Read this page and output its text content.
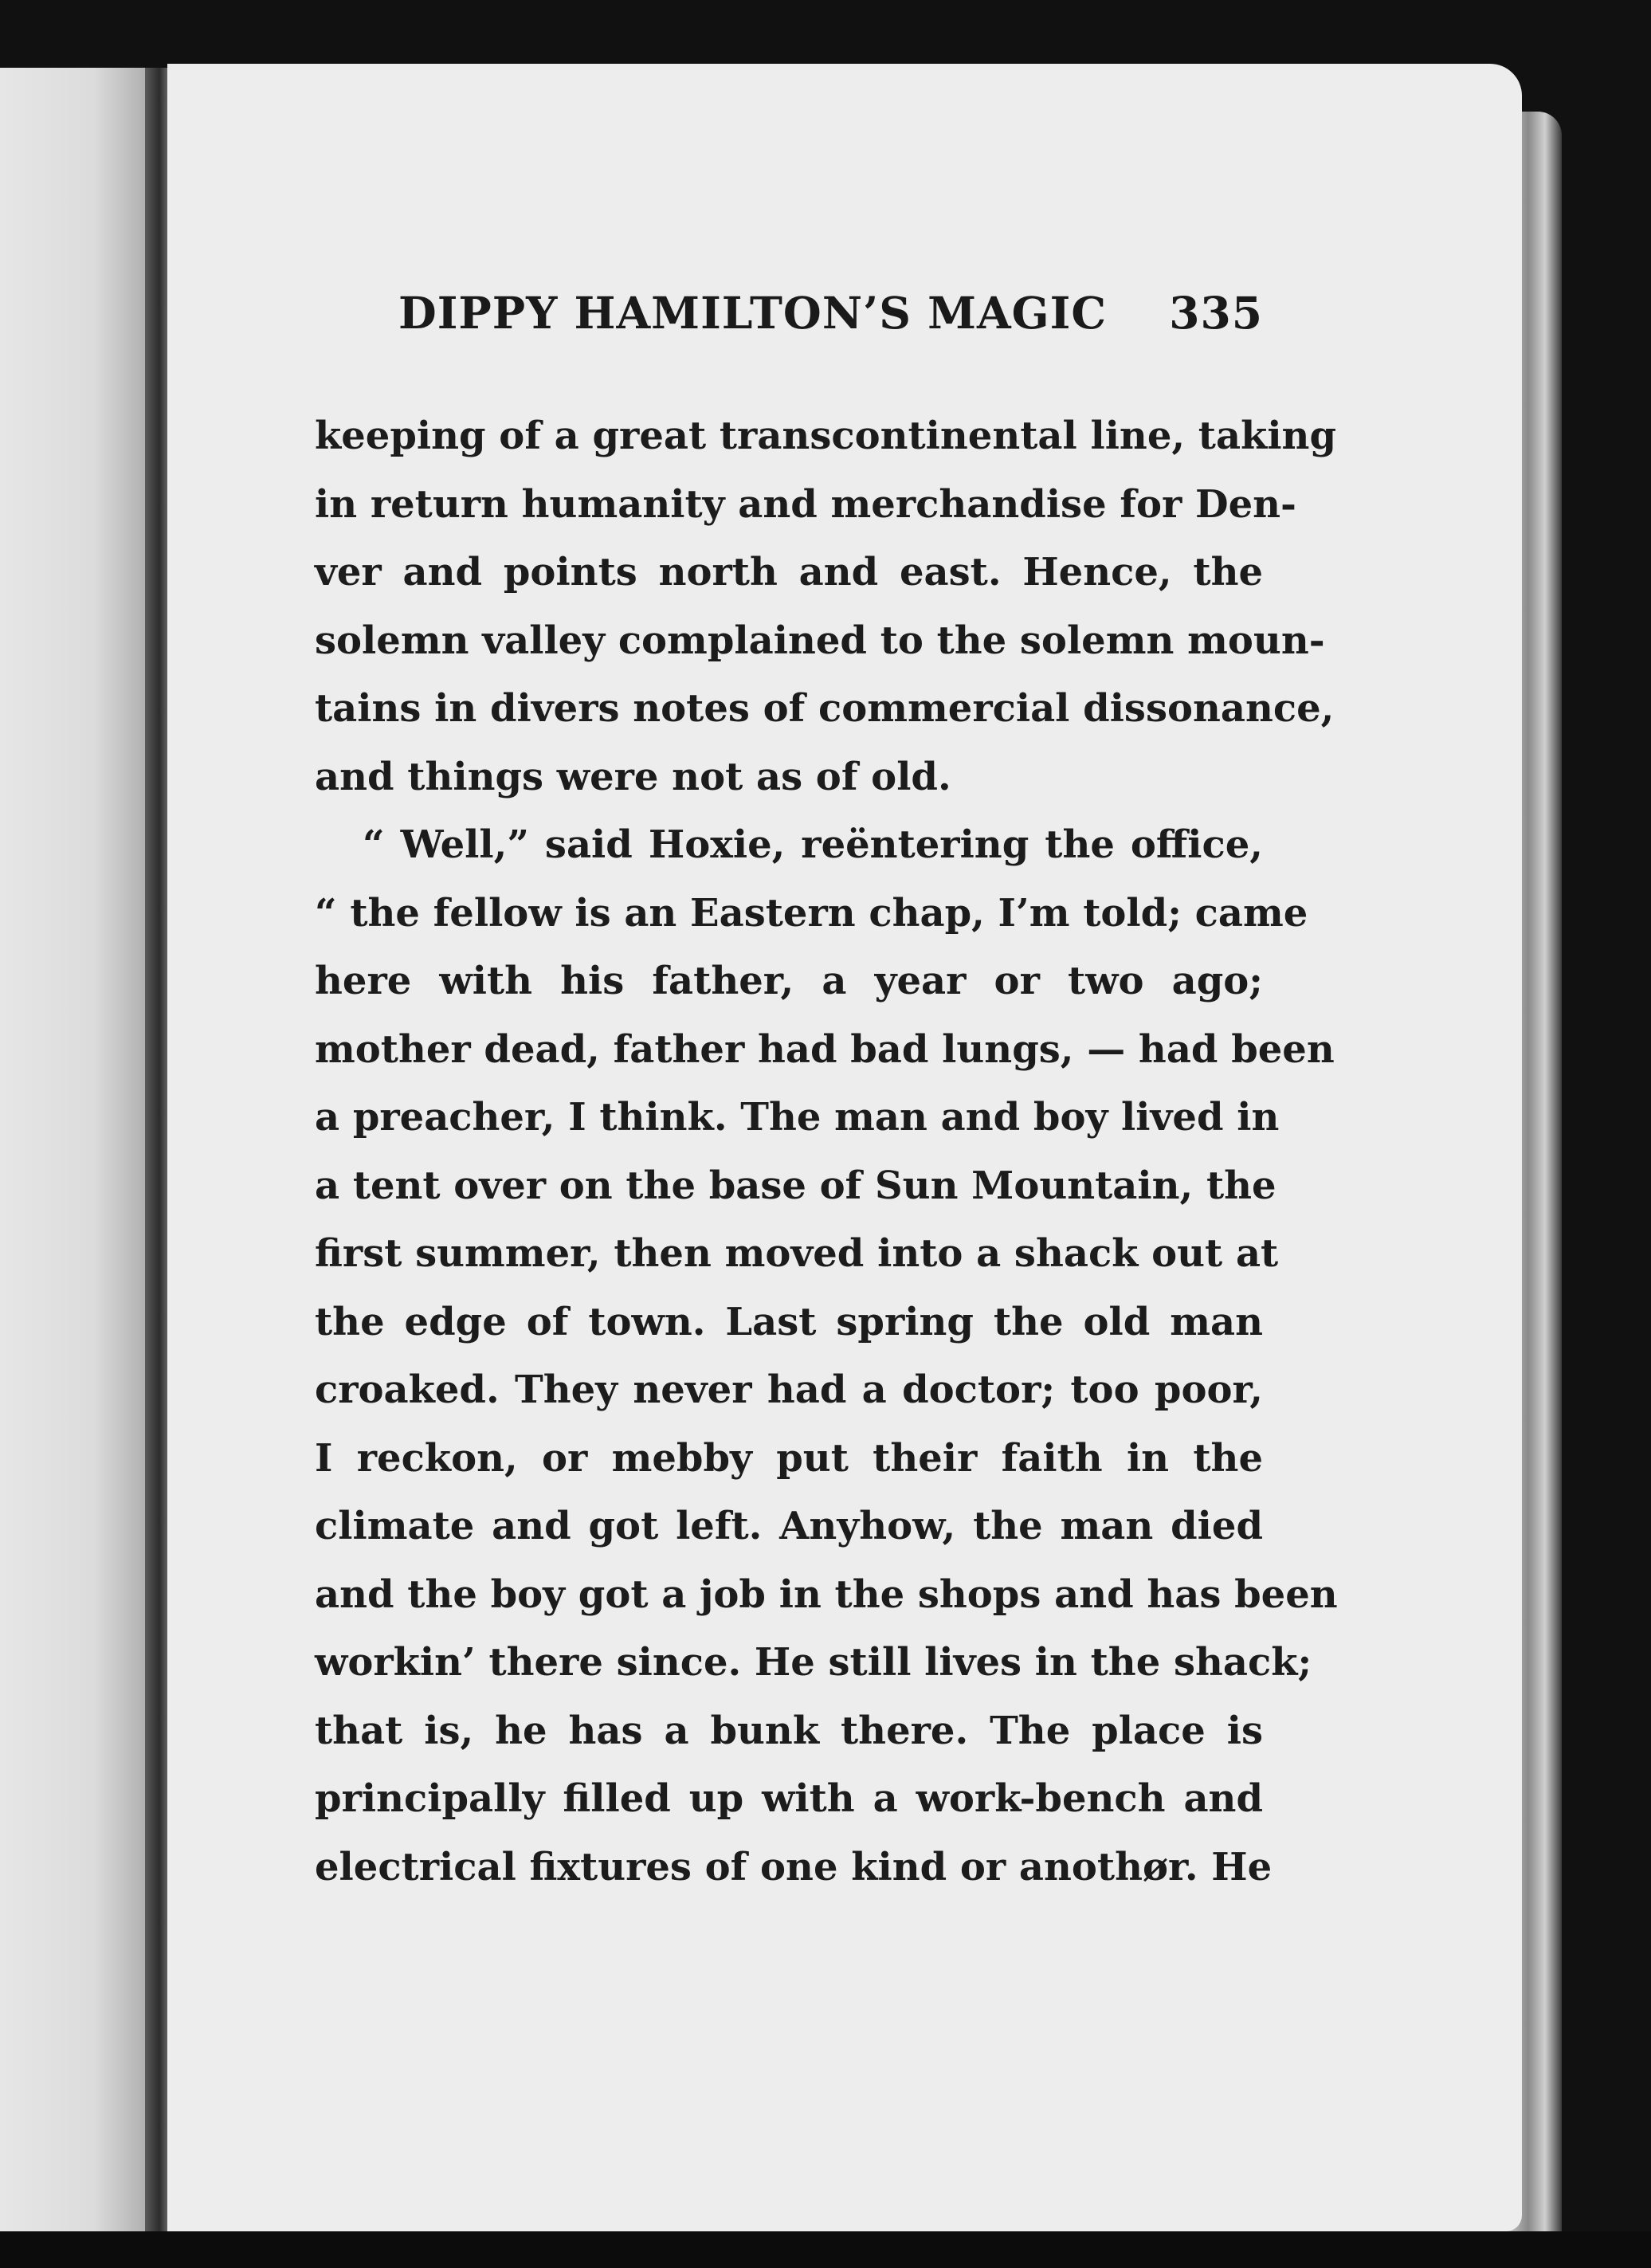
DIPPY HAMILTON’S MAGIC 335
keeping of a great transcontinental line, taking
in return humanity and merchandise for Den-
ver and points north and east. Hence, the
solemn valley complained to the solemn moun-
tains in divers notes of commercial dissonance,
and things were not as of old.
“ Well,” said Hoxie, reëntering the office,
“ the fellow is an Eastern chap, I’m told; came
here with his father, a year or two ago;
mother dead, father had bad lungs, — had been
a preacher, I think. The man and boy lived in
a tent over on the base of Sun Mountain, the
first summer, then moved into a shack out at
the edge of town. Last spring the old man
croaked. They never had a doctor; too poor,
I reckon, or mebby put their faith in the
climate and got left. Anyhow, the man died
and the boy got a job in the shops and has been
workin’ there since. He still lives in the shack;
that is, he has a bunk there. The place is
principally filled up with a work-bench and
electrical fixtures of one kind or anothør. He
